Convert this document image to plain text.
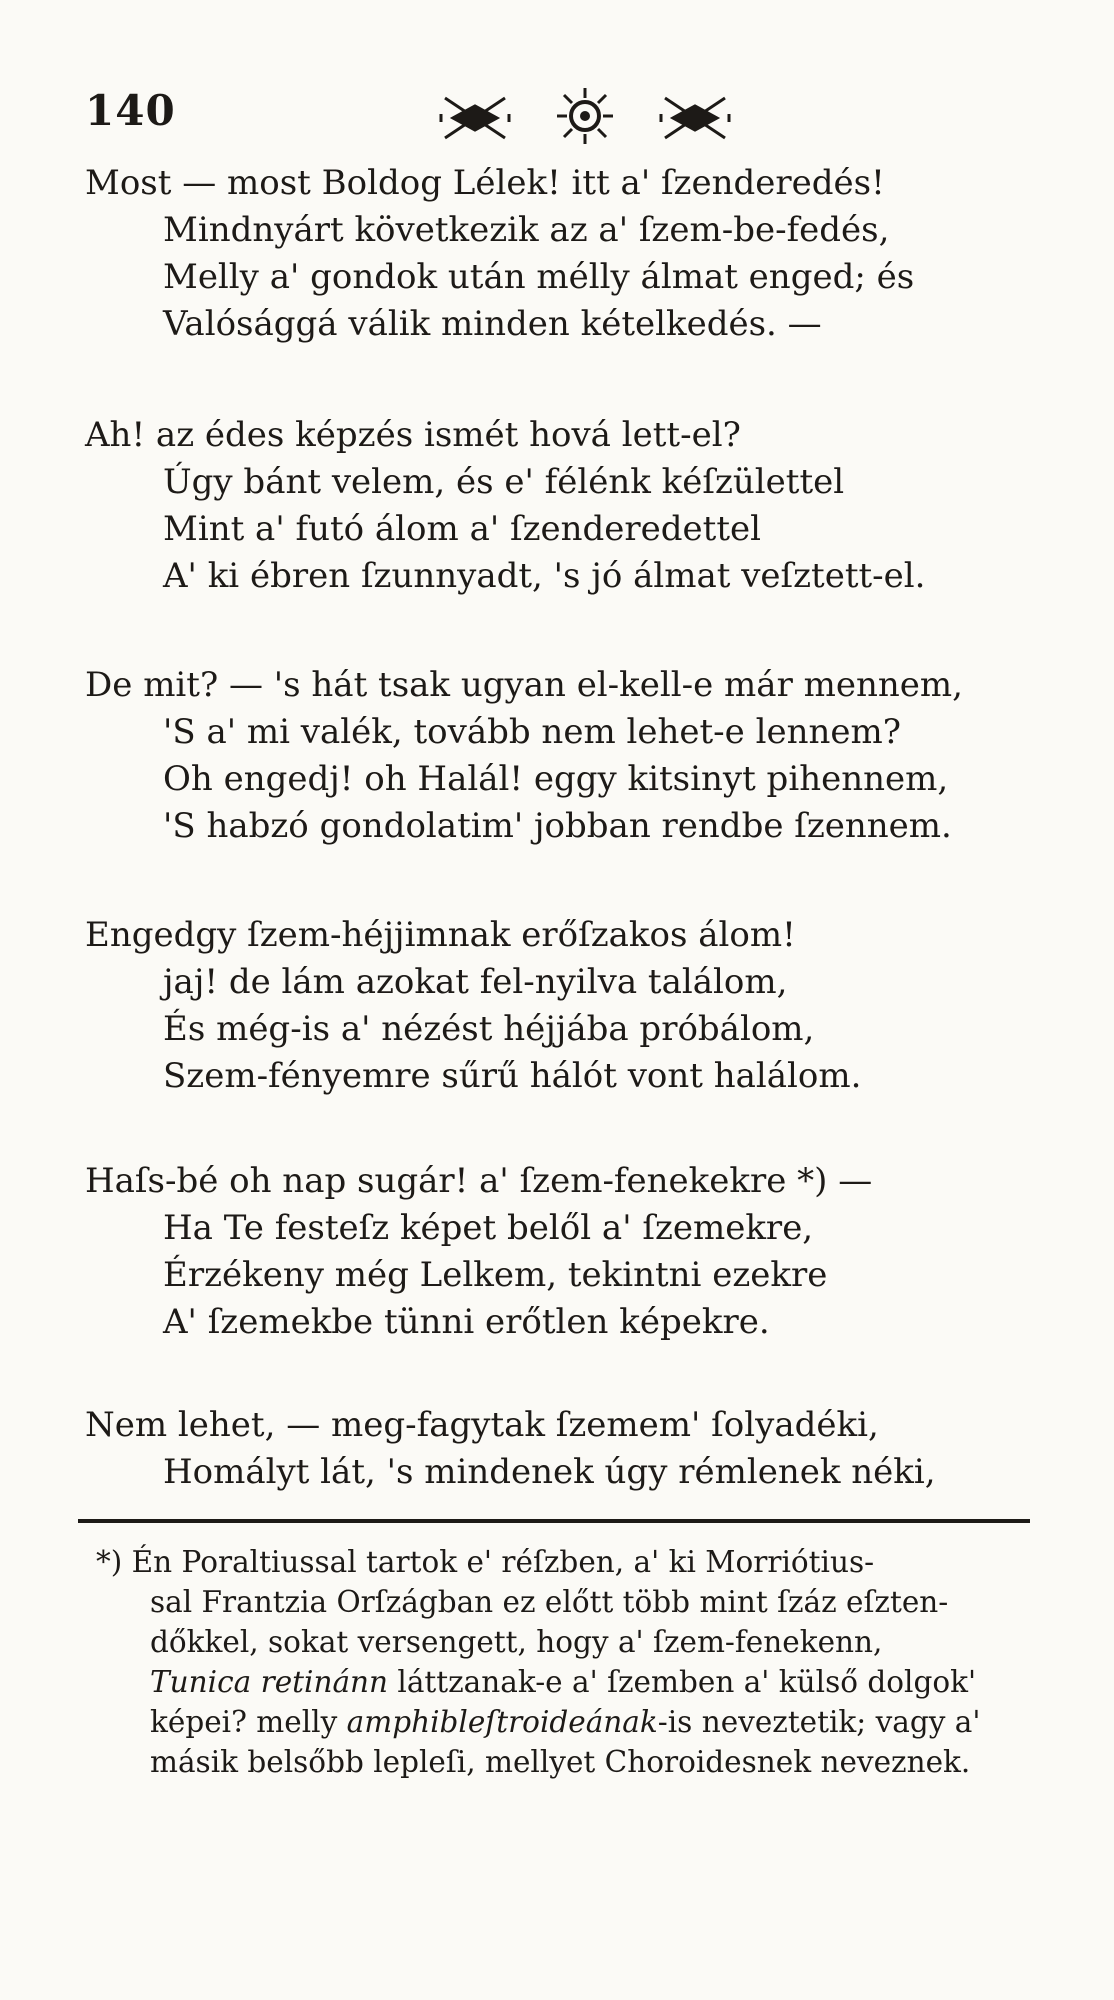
140
Most — most Boldog Lélek! itt a' ſzenderedés!
Mindnyárt következik az a' ſzem-be-fedés,
Melly a' gondok után mélly álmat enged; és
Valósággá válik minden kételkedés. —
Ah! az édes képzés ismét hová lett-el?
Úgy bánt velem, és e' félénk kéſzülettel
Mint a' futó álom a' ſzenderedettel
A' ki ébren ſzunnyadt, 's jó álmat veſztett-el.
De mit? — 's hát tsak ugyan el-kell-e már mennem,
'S a' mi valék, tovább nem lehet-e lennem?
Oh engedj! oh Halál! eggy kitsinyt pihennem,
'S habzó gondolatim' jobban rendbe ſzennem.
Engedgy ſzem-héjjimnak erőſzakos álom!
jaj! de lám azokat fel-nyilva találom,
És még-is a' nézést héjjába próbálom,
Szem-fényemre sűrű hálót vont halálom.
Haſs-bé oh nap sugár! a' ſzem-fenekekre *) —
Ha Te festeſz képet belől a' ſzemekre,
Érzékeny még Lelkem, tekintni ezekre
A' ſzemekbe tünni erőtlen képekre.
Nem lehet, — meg-fagytak ſzemem' ſolyadéki,
Homályt lát, 's mindenek úgy rémlenek néki,
*) Én Poraltiussal tartok e' réſzben, a' ki Morriótius-
sal Frantzia Orſzágban ez előtt több mint ſzáz eſzten-
dőkkel, sokat versengett, hogy a' ſzem-fenekenn,
Tunica retinánn láttzanak-e a' ſzemben a' külső dolgok'
képei? melly amphibleſtroideának-is neveztetik; vagy a'
másik belsőbb lepleſi, mellyet Choroidesnek neveznek.
